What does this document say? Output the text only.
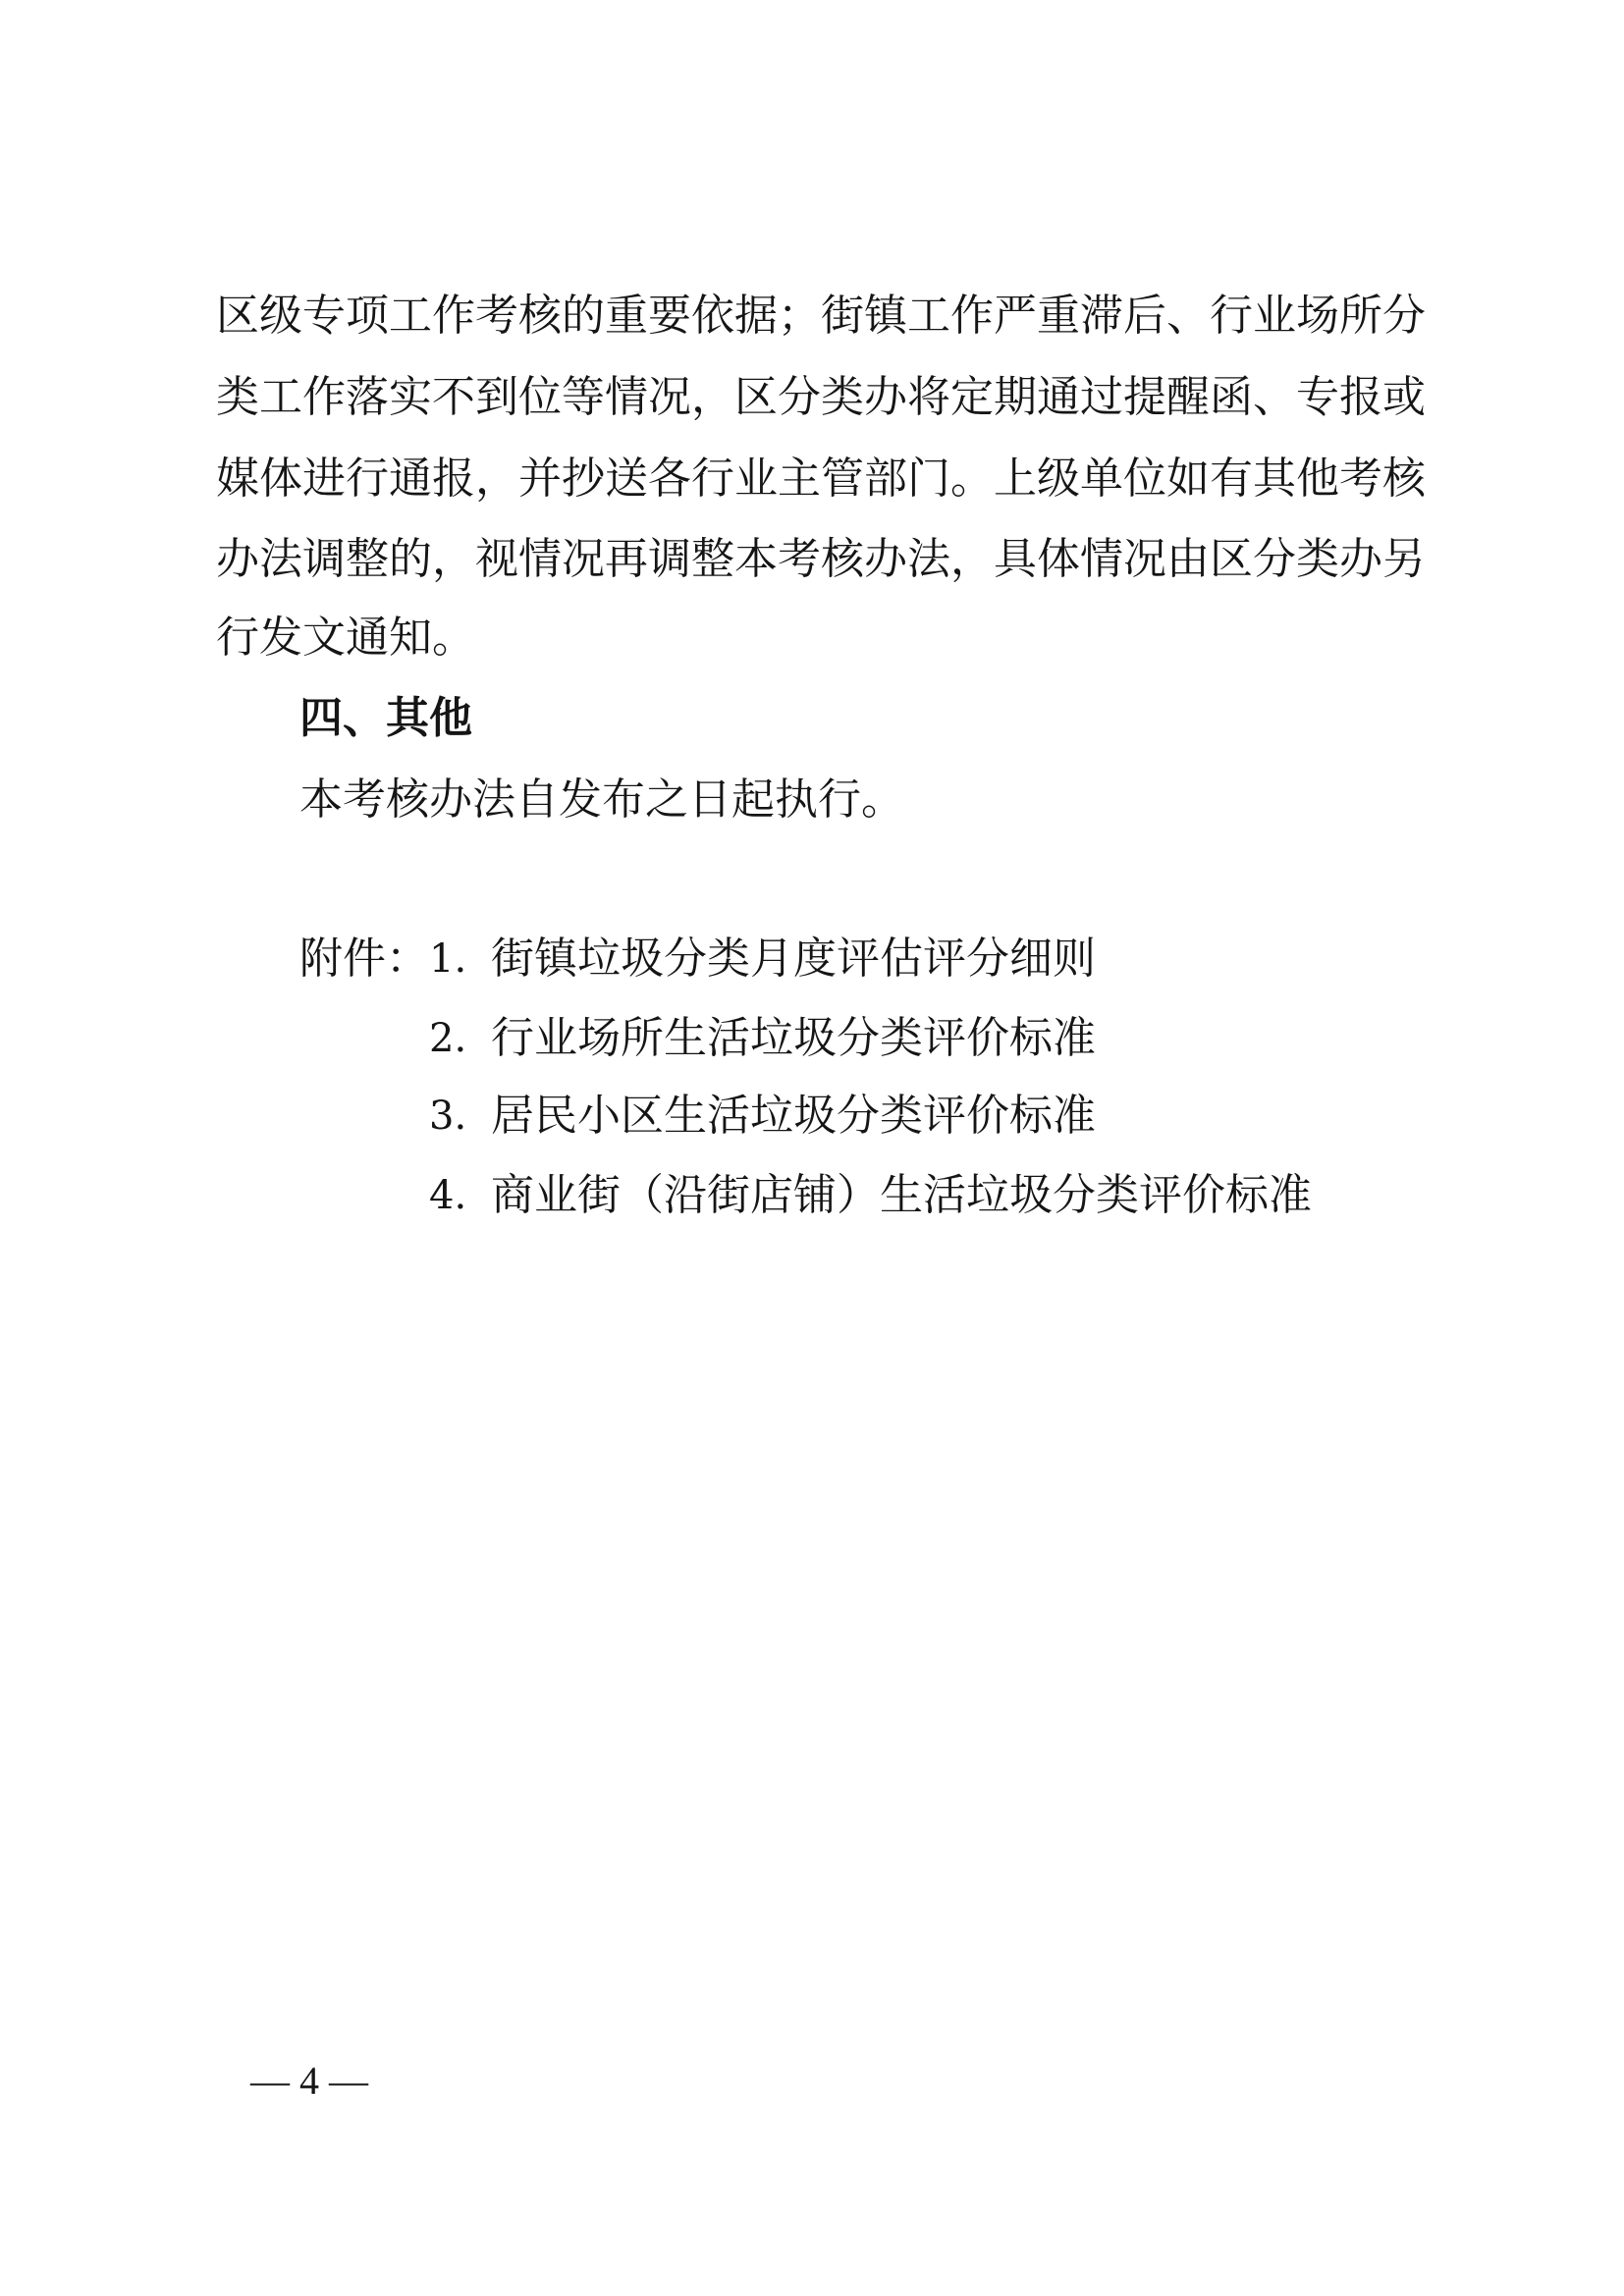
区级专项工作考核的重要依据；街镇工作严重滞后、行业场所分
类工作落实不到位等情况，区分类办将定期通过提醒函、专报或
媒体进行通报，并抄送各行业主管部门。上级单位如有其他考核
办法调整的，视情况再调整本考核办法，具体情况由区分类办另
行发文通知。
四、其他
本考核办法自发布之日起执行。
附件： 1. 街镇垃圾分类月度评估评分细则
2. 行业场所生活垃圾分类评价标准
3. 居民小区生活垃圾分类评价标准
4. 商业街（沿街店铺）生活垃圾分类评价标准
— 4 —
